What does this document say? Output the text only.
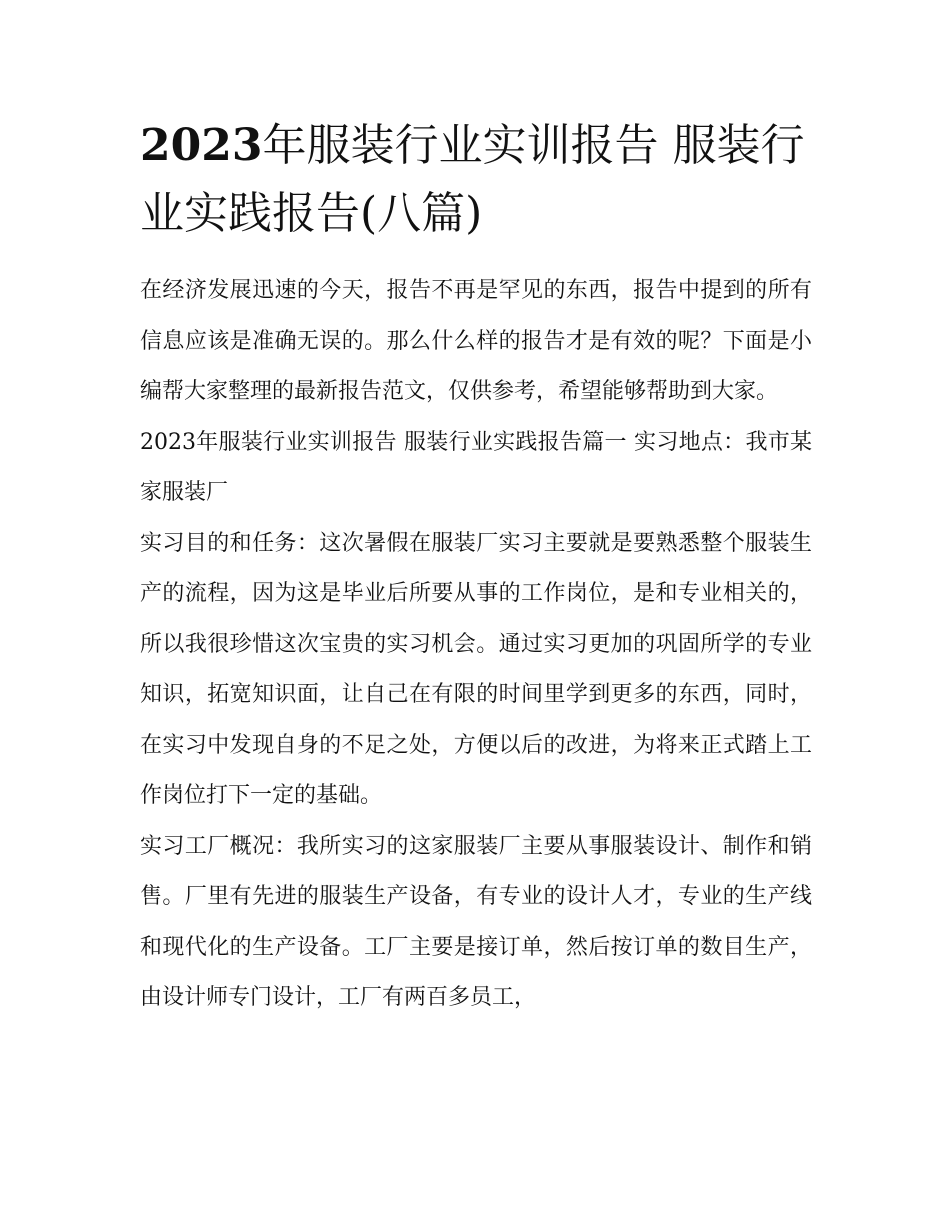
2023年服装行业实训报告 服装行业实践报告(八篇)

在经济发展迅速的今天，报告不再是罕见的东西，报告中提到的所有信息应该是准确无误的。那么什么样的报告才是有效的呢？下面是小编帮大家整理的最新报告范文，仅供参考，希望能够帮助到大家。

2023年服装行业实训报告 服装行业实践报告篇一 实习地点：我市某家服装厂

实习目的和任务：这次暑假在服装厂实习主要就是要熟悉整个服装生产的流程，因为这是毕业后所要从事的工作岗位，是和专业相关的，所以我很珍惜这次宝贵的实习机会。通过实习更加的巩固所学的专业知识，拓宽知识面，让自己在有限的时间里学到更多的东西，同时，在实习中发现自身的不足之处，方便以后的改进，为将来正式踏上工作岗位打下一定的基础。

实习工厂概况：我所实习的这家服装厂主要从事服装设计、制作和销售。厂里有先进的服装生产设备，有专业的设计人才，专业的生产线和现代化的生产设备。工厂主要是接订单，然后按订单的数目生产，由设计师专门设计，工厂有两百多员工，
